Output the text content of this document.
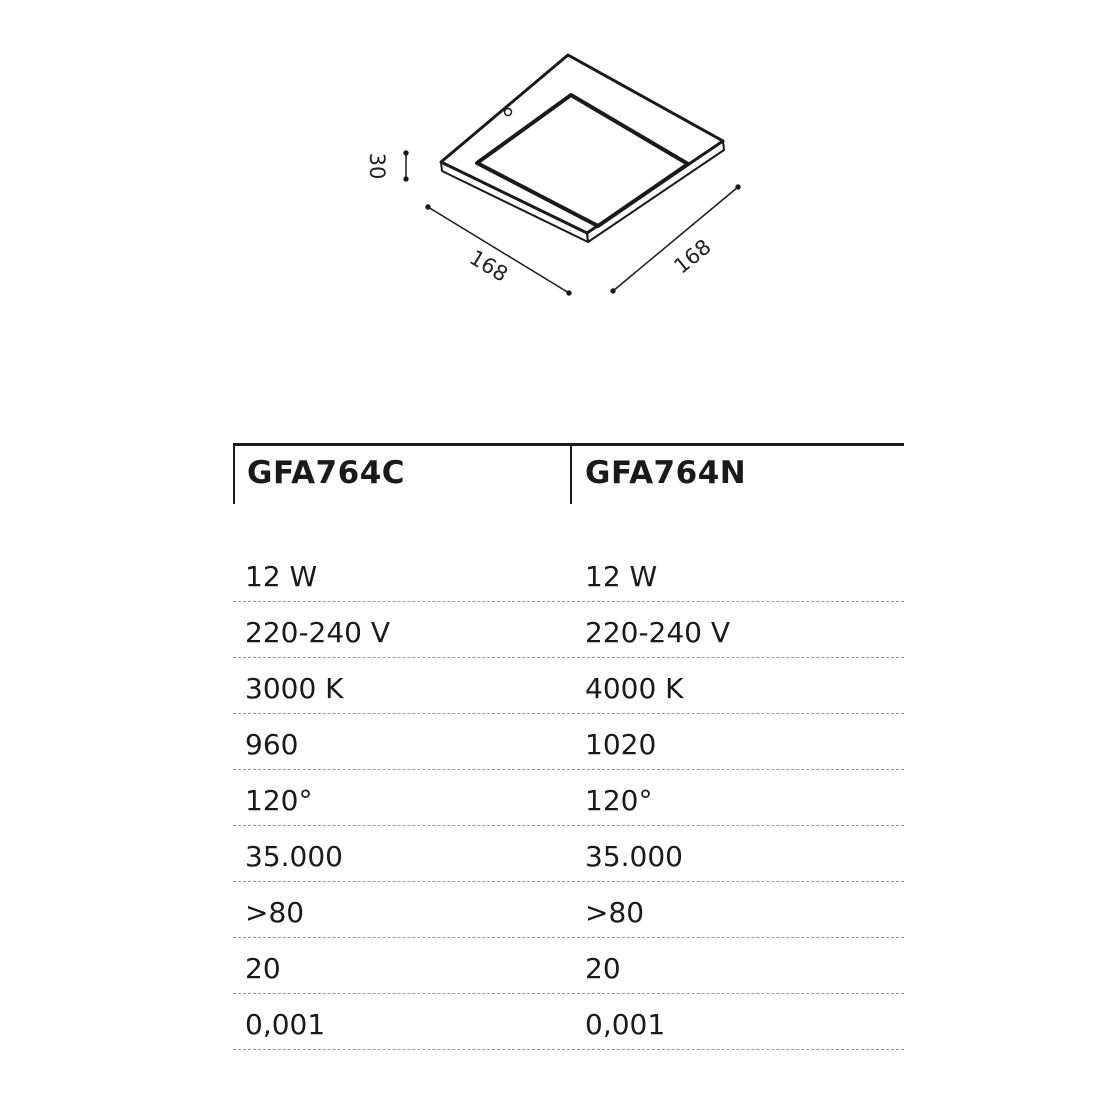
30
168	168
GFA764C	GFA764N
12 W	12 W
220-240 V	220-240 V
3000 K	4000 K
960	1020
120°	120°
35.000	35.000
>80	>80
20	20
0,001	0,001
